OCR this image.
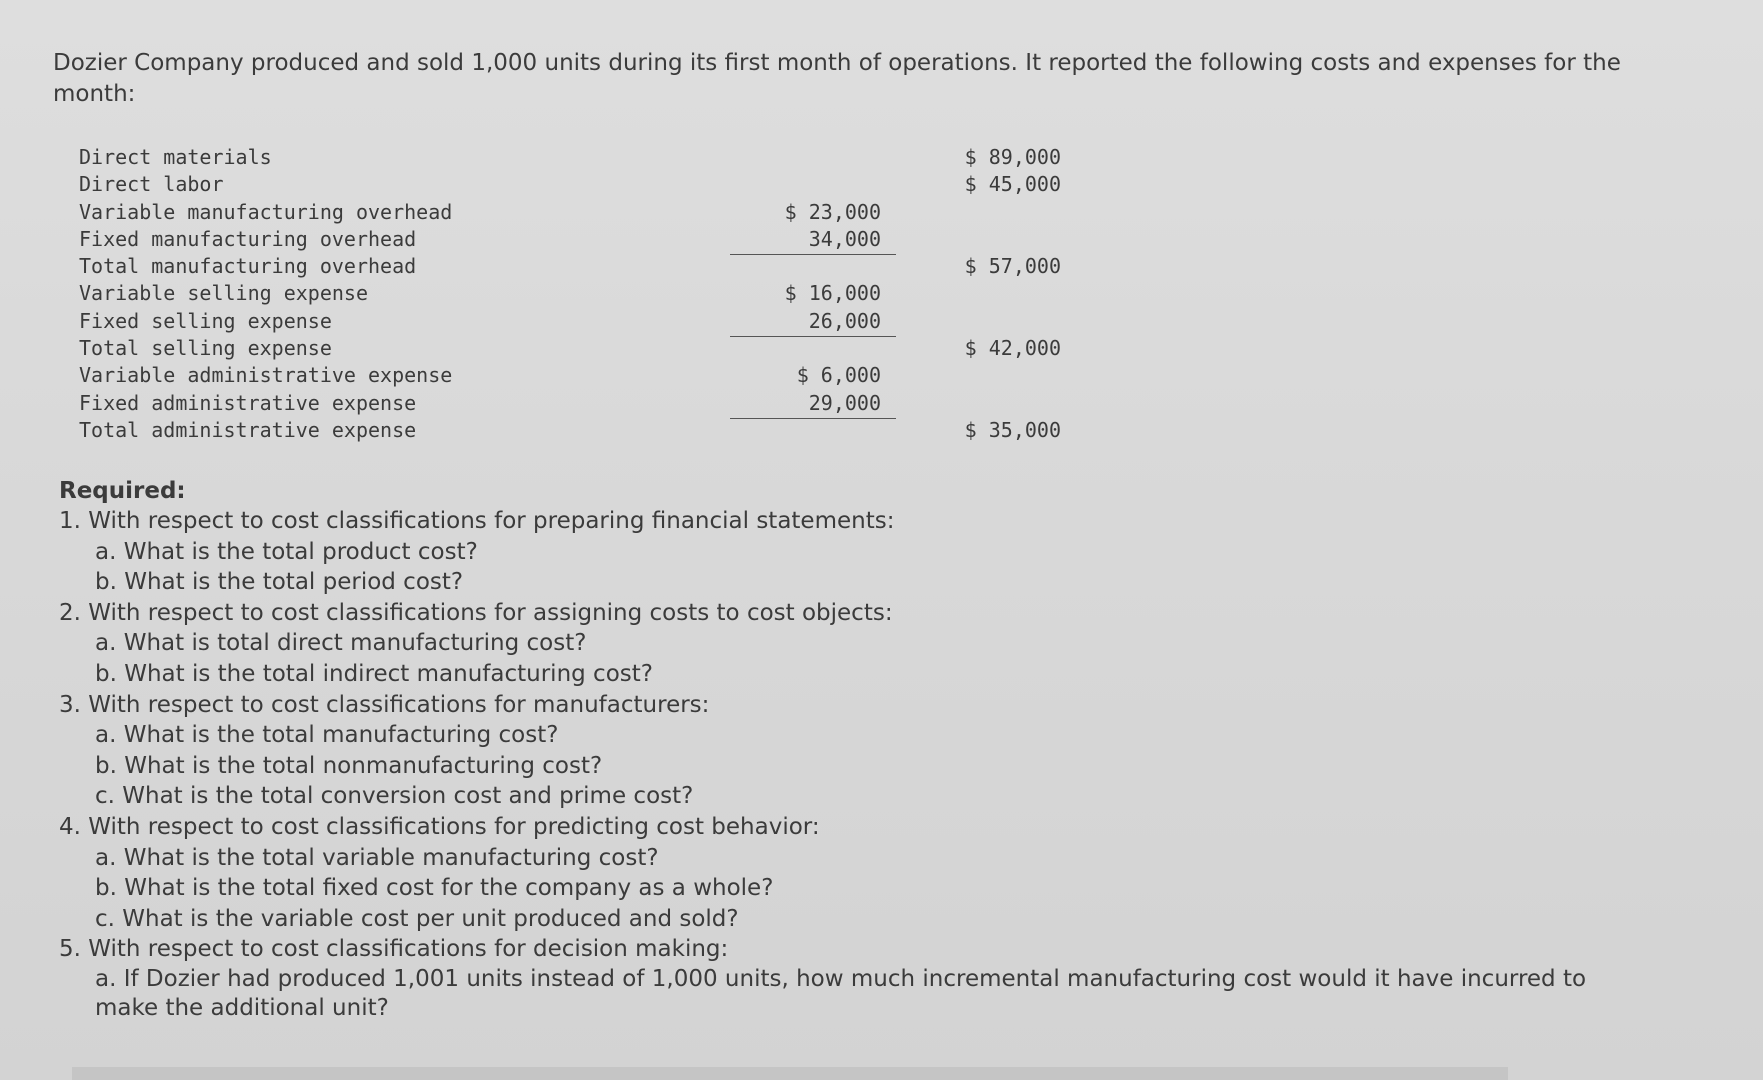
Dozier Company produced and sold 1,000 units during its first month of operations. It reported the following costs and expenses for the month:
Direct materials	$ 89,000
Direct labor	$ 45,000
Variable manufacturing overhead	$ 23,000
Fixed manufacturing overhead	34,000
Total manufacturing overhead	$ 57,000
Variable selling expense	$ 16,000
Fixed selling expense	26,000
Total selling expense	$ 42,000
Variable administrative expense	$ 6,000
Fixed administrative expense	29,000
Total administrative expense	$ 35,000
Required:
1. With respect to cost classifications for preparing financial statements:
a. What is the total product cost?
b. What is the total period cost?
2. With respect to cost classifications for assigning costs to cost objects:
a. What is total direct manufacturing cost?
b. What is the total indirect manufacturing cost?
3. With respect to cost classifications for manufacturers:
a. What is the total manufacturing cost?
b. What is the total nonmanufacturing cost?
c. What is the total conversion cost and prime cost?
4. With respect to cost classifications for predicting cost behavior:
a. What is the total variable manufacturing cost?
b. What is the total fixed cost for the company as a whole?
c. What is the variable cost per unit produced and sold?
5. With respect to cost classifications for decision making:
a. If Dozier had produced 1,001 units instead of 1,000 units, how much incremental manufacturing cost would it have incurred to make the additional unit?
